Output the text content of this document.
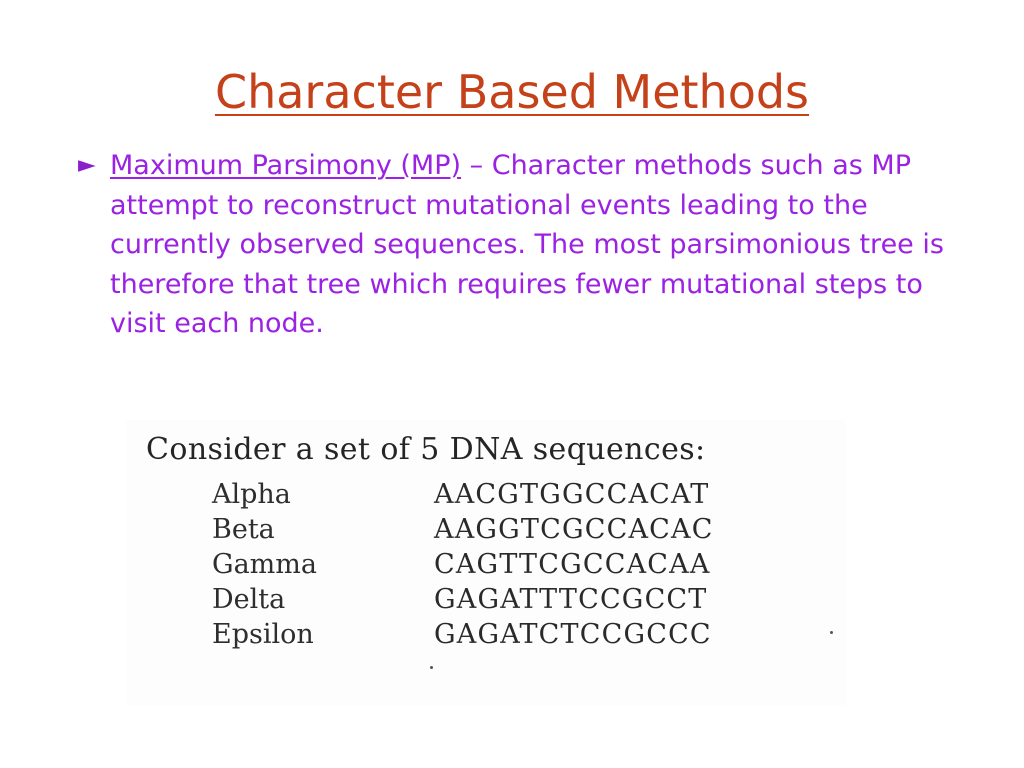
Character Based Methods
► Maximum Parsimony (MP) – Character methods such as MP attempt to reconstruct mutational events leading to the currently observed sequences. The most parsimonious tree is therefore that tree which requires fewer mutational steps to visit each node.
Consider a set of 5 DNA sequences:
Alpha	AACGTGGCCACAT
Beta	AAGGTCGCCACAC
Gamma	CAGTTCGCCACAA
Delta	GAGATTTCCGCCT
Epsilon	GAGATCTCCGCCC
